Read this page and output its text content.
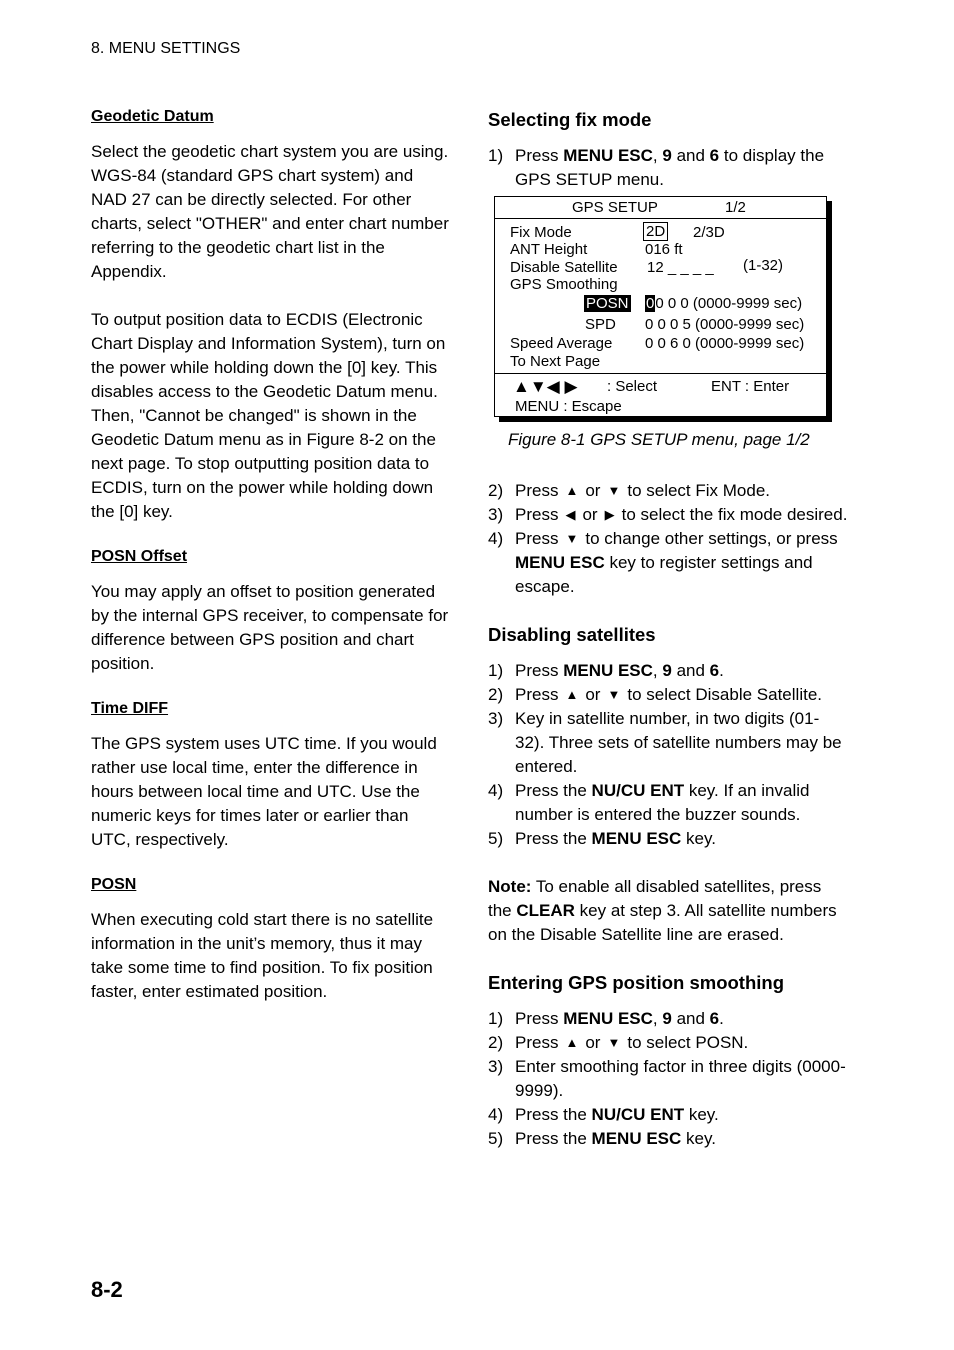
8. MENU SETTINGS
Geodetic Datum

Select the geodetic chart system you are using. WGS-84 (standard GPS chart system) and NAD 27 can be directly selected. For other charts, select "OTHER" and enter chart number referring to the geodetic chart list in the Appendix.

To output position data to ECDIS (Electronic Chart Display and Information System), turn on the power while holding down the [0] key. This disables access to the Geodetic Datum menu. Then, "Cannot be changed" is shown in the Geodetic Datum menu as in Figure 8-2 on the next page. To stop outputting position data to ECDIS, turn on the power while holding down the [0] key.

POSN Offset

You may apply an offset to position generated by the internal GPS receiver, to compensate for difference between GPS position and chart position.

Time DIFF

The GPS system uses UTC time. If you would rather use local time, enter the difference in hours between local time and UTC. Use the numeric keys for times later or earlier than UTC, respectively.

POSN

When executing cold start there is no satellite information in the unit’s memory, thus it may take some time to find position. To fix position faster, enter estimated position.

Selecting fix mode
1) Press MENU ESC, 9 and 6 to display the GPS SETUP menu.
GPS SETUP	1/2
Fix Mode	2D 2/3D
ANT Height	016 ft
Disable Satellite 12 _ _ _ _ (1-32)
GPS Smoothing
POSN 00 0 0 (0000-9999 sec)
SPD 0 0 0 5 (0000-9999 sec)
Speed Average 0 0 6 0 (0000-9999 sec)
To Next Page
▲▼◀ ▶ : Select	ENT : Enter
MENU : Escape
Figure 8-1 GPS SETUP menu, page 1/2
2) Press ▲ or ▼ to select Fix Mode.
3) Press ◀ or ▶ to select the fix mode desired.
4) Press ▼ to change other settings, or press MENU ESC key to register settings and escape.
Disabling satellites
1) Press MENU ESC, 9 and 6.
2) Press ▲ or ▼ to select Disable Satellite.
3) Key in satellite number, in two digits (01-32). Three sets of satellite numbers may be entered.
4) Press the NU/CU ENT key. If an invalid number is entered the buzzer sounds.
5) Press the MENU ESC key.

Note: To enable all disabled satellites, press the CLEAR key at step 3. All satellite numbers on the Disable Satellite line are erased.

Entering GPS position smoothing
1) Press MENU ESC, 9 and 6.
2) Press ▲ or ▼ to select POSN.
3) Enter smoothing factor in three digits (0000-9999).
4) Press the NU/CU ENT key.
5) Press the MENU ESC key.
8-2
